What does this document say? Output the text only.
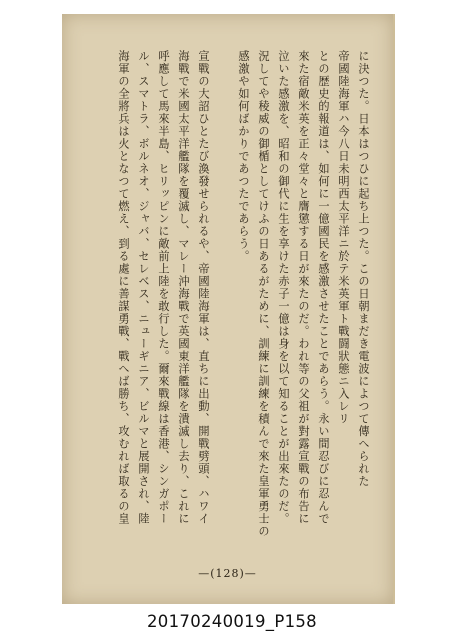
に決つた。日本はつひに起ち上つた。この日朝まだき電波によつて傳へられた
帝國陸海軍ハ今八日未明西太平洋ニ於テ米英軍ト戰闘狀態ニ入レリ
との歴史的報道は、如何に一億國民を感激させたことであらう。永い間忍びに忍んで
來た宿敵米英を正々堂々と膺懲する日が來たのだ。われ等の父祖が對露宣戰の布告に
泣いた感激を、昭和の御代に生を享けた赤子一億は身を以て知ることが出來たのだ。
況してや稜威の御楯としてけふの日あるがために、訓練に訓練を積んで來た皇軍勇士の
感激や如何ばかりであつたであらう。
宣戰の大詔ひとたび渙發せられるや、帝國陸海軍は、直ちに出動、開戰劈頭、ハワイ
海戰で米國太平洋艦隊を覆滅し、マレー沖海戰で英國東洋艦隊を潰滅し去り、これに
呼應して馬來半島、ヒリッピンに敵前上陸を敢行した。爾來戰線は香港、シンガポー
ル、スマトラ、ボルネオ、ジャバ、セレベス、ニューギニア、ビルマと展開され、陸
海軍の全將兵は火となつて燃え、到る處に善謀勇戰、戰へば勝ち、攻むれば取るの皇
—(128)—
20170240019_P158
